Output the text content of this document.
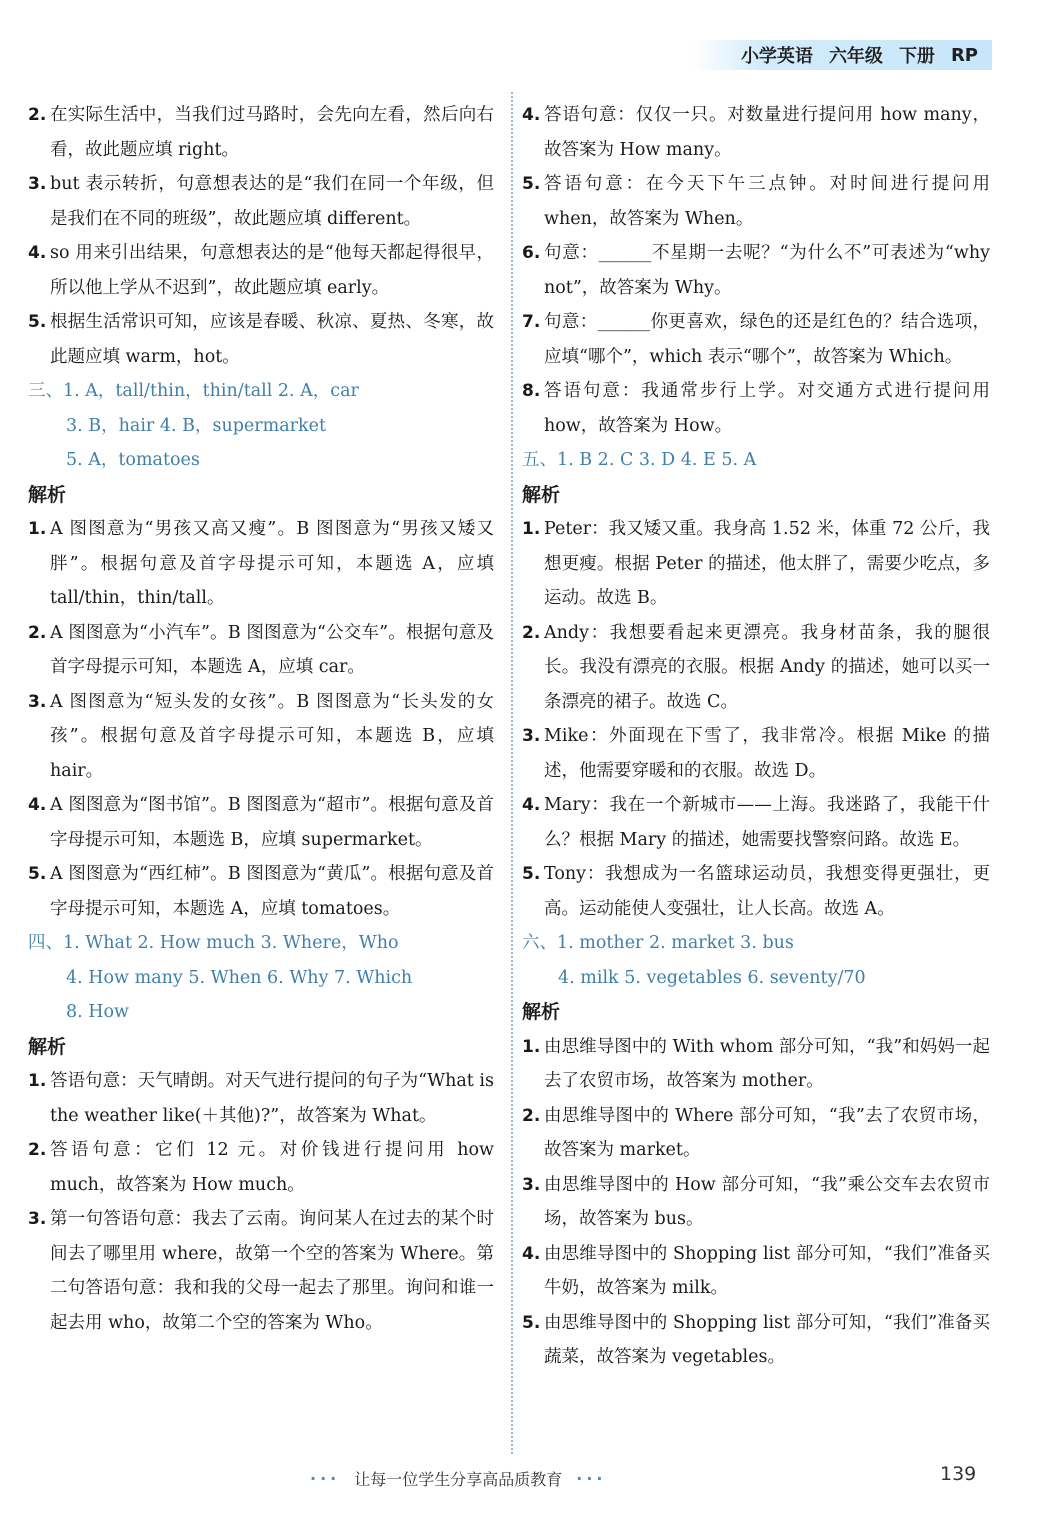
小学英语 六年级 下册 RP
2. 在实际生活中，当我们过马路时，会先向左看，然后向右看，故此题应填 right。
3. but 表示转折，句意想表达的是“我们在同一个年级，但是我们在不同的班级”，故此题应填 different。
4. so 用来引出结果，句意想表达的是“他每天都起得很早，所以他上学从不迟到”，故此题应填 early。
5. 根据生活常识可知，应该是春暖、秋凉、夏热、冬寒，故此题应填 warm，hot。
三、1. A，tall/thin，thin/tall 2. A，car
3. B，hair 4. B，supermarket
5. A，tomatoes
解析
1. A 图图意为“男孩又高又瘦”。B 图图意为“男孩又矮又胖”。根据句意及首字母提示可知，本题选 A，应填 tall/thin，thin/tall。
2. A 图图意为“小汽车”。B 图图意为“公交车”。根据句意及首字母提示可知，本题选 A，应填 car。
3. A 图图意为“短头发的女孩”。B 图图意为“长头发的女孩”。根据句意及首字母提示可知，本题选 B，应填 hair。
4. A 图图意为“图书馆”。B 图图意为“超市”。根据句意及首字母提示可知，本题选 B，应填 supermarket。
5. A 图图意为“西红柿”。B 图图意为“黄瓜”。根据句意及首字母提示可知，本题选 A，应填 tomatoes。
四、1. What 2. How much 3. Where，Who
4. How many 5. When 6. Why 7. Which
8. How
解析
1. 答语句意：天气晴朗。对天气进行提问的句子为“What is the weather like(＋其他)?”，故答案为 What。
2. 答语句意：它们 12 元。对价钱进行提问用 how much，故答案为 How much。
3. 第一句答语句意：我去了云南。询问某人在过去的某个时间去了哪里用 where，故第一个空的答案为 Where。第二句答语句意：我和我的父母一起去了那里。询问和谁一起去用 who，故第二个空的答案为 Who。
4. 答语句意：仅仅一只。对数量进行提问用 how many，故答案为 How many。
5. 答语句意：在今天下午三点钟。对时间进行提问用 when，故答案为 When。
6. 句意：______不星期一去呢？“为什么不”可表述为“why not”，故答案为 Why。
7. 句意：______你更喜欢，绿色的还是红色的？结合选项，应填“哪个”，which 表示“哪个”，故答案为 Which。
8. 答语句意：我通常步行上学。对交通方式进行提问用 how，故答案为 How。
五、1. B 2. C 3. D 4. E 5. A
解析
1. Peter：我又矮又重。我身高 1.52 米，体重 72 公斤，我想更瘦。根据 Peter 的描述，他太胖了，需要少吃点，多运动。故选 B。
2. Andy：我想要看起来更漂亮。我身材苗条，我的腿很长。我没有漂亮的衣服。根据 Andy 的描述，她可以买一条漂亮的裙子。故选 C。
3. Mike：外面现在下雪了，我非常冷。根据 Mike 的描述，他需要穿暖和的衣服。故选 D。
4. Mary：我在一个新城市——上海。我迷路了，我能干什么？根据 Mary 的描述，她需要找警察问路。故选 E。
5. Tony：我想成为一名篮球运动员，我想变得更强壮，更高。运动能使人变强壮，让人长高。故选 A。
六、1. mother 2. market 3. bus
4. milk 5. vegetables 6. seventy/70
解析
1. 由思维导图中的 With whom 部分可知，“我”和妈妈一起去了农贸市场，故答案为 mother。
2. 由思维导图中的 Where 部分可知，“我”去了农贸市场，故答案为 market。
3. 由思维导图中的 How 部分可知，“我”乘公交车去农贸市场，故答案为 bus。
4. 由思维导图中的 Shopping list 部分可知，“我们”准备买牛奶，故答案为 milk。
5. 由思维导图中的 Shopping list 部分可知，“我们”准备买蔬菜，故答案为 vegetables。
··· 让每一位学生分享高品质教育 ···	139
